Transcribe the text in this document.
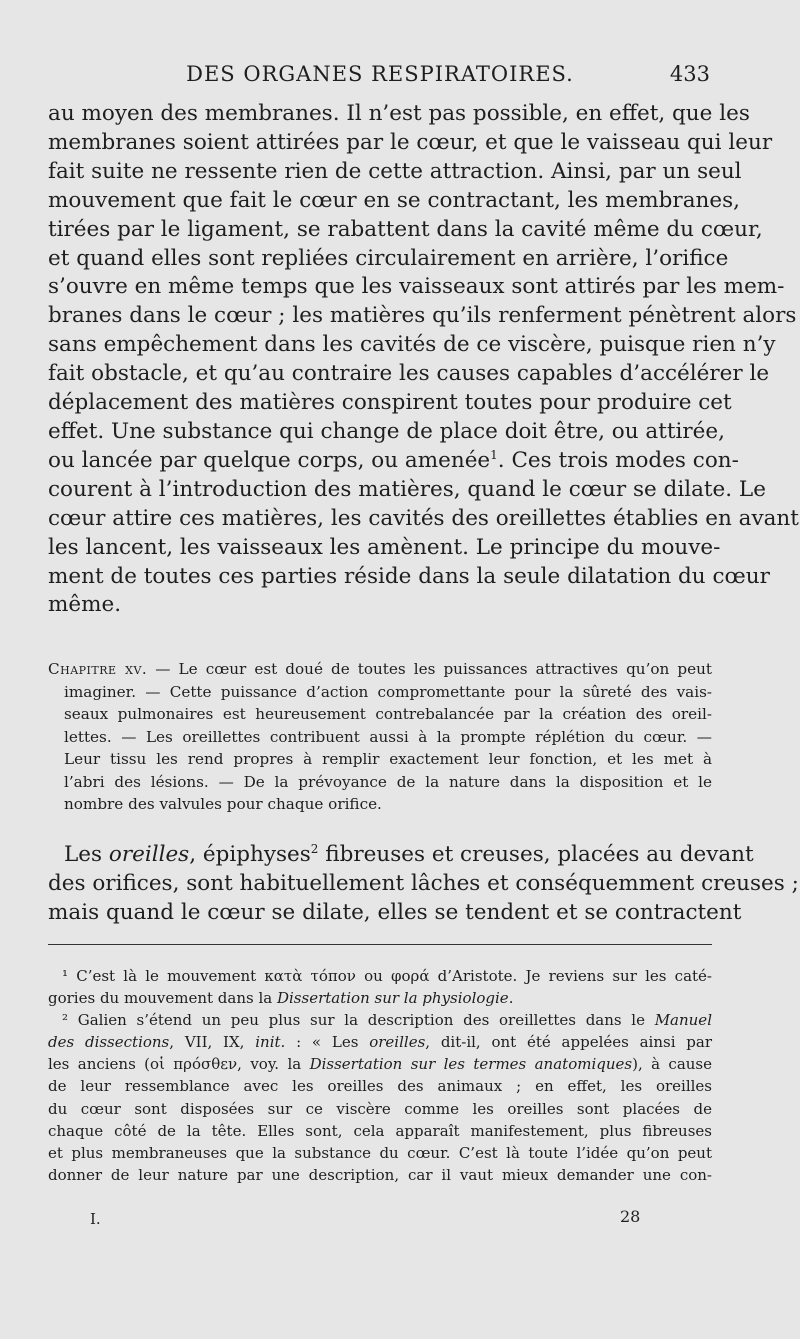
DES ORGANES RESPIRATOIRES.	433
au moyen des membranes. Il n’est pas possible, en effet, que les
membranes soient attirées par le cœur, et que le vaisseau qui leur
fait suite ne ressente rien de cette attraction. Ainsi, par un seul
mouvement que fait le cœur en se contractant, les membranes,
tirées par le ligament, se rabattent dans la cavité même du cœur,
et quand elles sont repliées circulairement en arrière, l’orifice
s’ouvre en même temps que les vaisseaux sont attirés par les mem-
branes dans le cœur ; les matières qu’ils renferment pénètrent alors
sans empêchement dans les cavités de ce viscère, puisque rien n’y
fait obstacle, et qu’au contraire les causes capables d’accélérer le
déplacement des matières conspirent toutes pour produire cet
effet. Une substance qui change de place doit être, ou attirée,
ou lancée par quelque corps, ou amenée$^1$. Ces trois modes con-
courent à l’introduction des matières, quand le cœur se dilate. Le
cœur attire ces matières, les cavités des oreillettes établies en avant
les lancent, les vaisseaux les amènent. Le principe du mouve-
ment de toutes ces parties réside dans la seule dilatation du cœur
même.
Chapitre xv. — Le cœur est doué de toutes les puissances attractives qu’on peut
imaginer. — Cette puissance d’action compromettante pour la sûreté des vais-
seaux pulmonaires est heureusement contrebalancée par la création des oreil-
lettes. — Les oreillettes contribuent aussi à la prompte réplétion du cœur. —
Leur tissu les rend propres à remplir exactement leur fonction, et les met à
l’abri des lésions. — De la prévoyance de la nature dans la disposition et le
nombre des valvules pour chaque orifice.
Les oreilles, épiphyses$^2$ fibreuses et creuses, placées au devant
des orifices, sont habituellement lâches et conséquemment creuses ;
mais quand le cœur se dilate, elles se tendent et se contractent
¹ C’est là le mouvement κατὰ τόπον ou φορά d’Aristote. Je reviens sur les caté-
gories du mouvement dans la Dissertation sur la physiologie.
² Galien s’étend un peu plus sur la description des oreillettes dans le Manuel
des dissections, VII, IX, init. : « Les oreilles, dit-il, ont été appelées ainsi par
les anciens (οἱ πρόσθεν, voy. la Dissertation sur les termes anatomiques), à cause
de leur ressemblance avec les oreilles des animaux ; en effet, les oreilles
du cœur sont disposées sur ce viscère comme les oreilles sont placées de
chaque côté de la tête. Elles sont, cela apparaît manifestement, plus fibreuses
et plus membraneuses que la substance du cœur. C’est là toute l’idée qu’on peut
donner de leur nature par une description, car il vaut mieux demander une con-
I.	28
